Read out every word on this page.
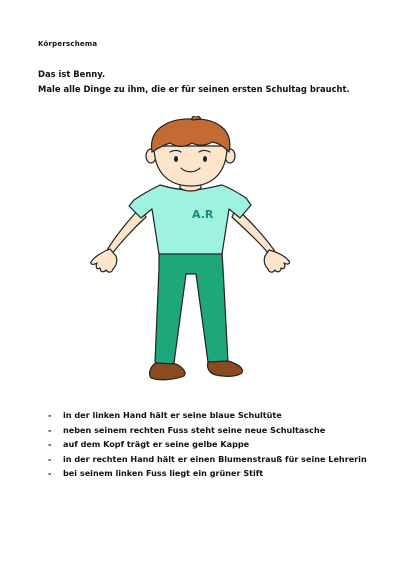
Körperschema
Das ist Benny.
Male alle Dinge zu ihm, die er für seinen ersten Schultag braucht.
A.R
- in der linken Hand hält er seine blaue Schultüte
- neben seinem rechten Fuss steht seine neue Schultasche
- auf dem Kopf trägt er seine gelbe Kappe
- in der rechten Hand hält er einen Blumenstrauß für seine Lehrerin
- bei seinem linken Fuss liegt ein grüner Stift
